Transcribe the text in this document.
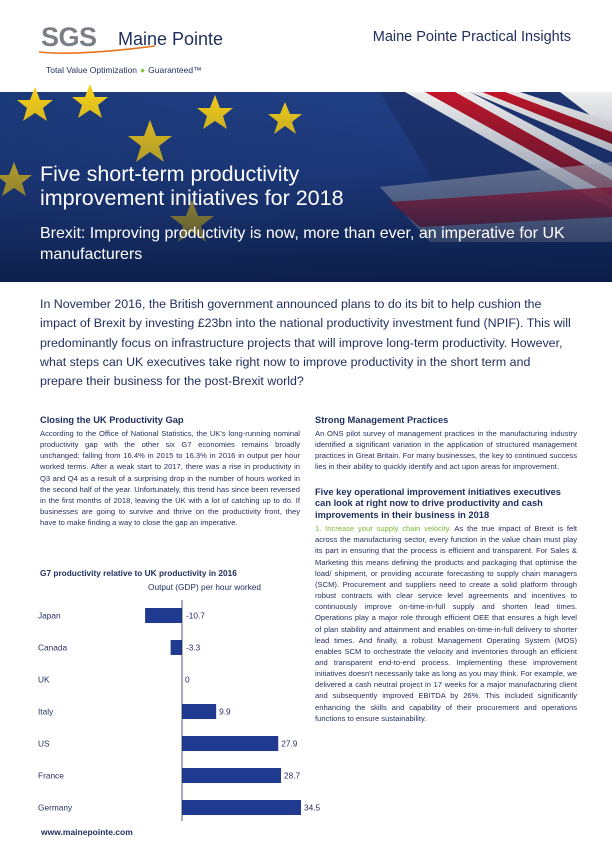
SGS Maine Pointe
Total Value Optimization ● Guaranteed™
Maine Pointe Practical Insights
Five short-term productivity
improvement initiatives for 2018
Brexit: Improving productivity is now, more than ever, an imperative for UK manufacturers

In November 2016, the British government announced plans to do its bit to help cushion the impact of Brexit by investing £23bn into the national productivity investment fund (NPIF). This will predominantly focus on infrastructure projects that will improve long-term productivity. However, what steps can UK executives take right now to improve productivity in the short term and prepare their business for the post-Brexit world?

Closing the UK Productivity Gap

According to the Office of National Statistics, the UK's long-running nominal productivity gap with the other six G7 economies remains broadly unchanged: falling from 16.4% in 2015 to 16.3% in 2016 in output per hour worked terms. After a weak start to 2017, there was a rise in productivity in Q3 and Q4 as a result of a surprising drop in the number of hours worked in the second half of the year. Unfortunately, this trend has since been reversed in the first months of 2018, leaving the UK with a lot of catching up to do. If businesses are going to survive and thrive on the productivity front, they have to make finding a way to close the gap an imperative.

G7 productivity relative to UK productivity in 2016
Output (GDP) per hour worked
Japan	-10.7
Canada	-3.3
UK	0
Italy	9.9
US	27.9
France	28.7
Germany	34.5
Strong Management Practices

An ONS pilot survey of management practices in the manufacturing industry identified a significant variation in the application of structured management practices in Great Britain. For many businesses, the key to continued success lies in their ability to quickly identify and act upon areas for improvement.

Five key operational improvement initiatives executives can look at right now to drive productivity and cash improvements in their business in 2018

1. Increase your supply chain velocity. As the true impact of Brexit is felt across the manufacturing sector, every function in the value chain must play its part in ensuring that the process is efficient and transparent. For Sales & Marketing this means defining the products and packaging that optimise the load/ shipment, or providing accurate forecasting to supply chain managers (SCM). Procurement and suppliers need to create a solid platform through robust contracts with clear service level agreements and incentives to continuously improve on-time-in-full supply and shorten lead times. Operations play a major role through efficient OEE that ensures a high level of plan stability and attainment and enables on-time-in-full delivery to shorter lead times. And finally, a robust Management Operating System (MOS) enables SCM to orchestrate the velocity and inventories through an efficient and transparent end-to-end process. Implementing these improvement initiatives doesn't necessarily take as long as you may think. For example, we delivered a cash neutral project in 17 weeks for a major manufacturing client and subsequently improved EBITDA by 26%. This included significantly enhancing the skills and capability of their procurement and operations functions to ensure sustainability.

www.mainepointe.com
